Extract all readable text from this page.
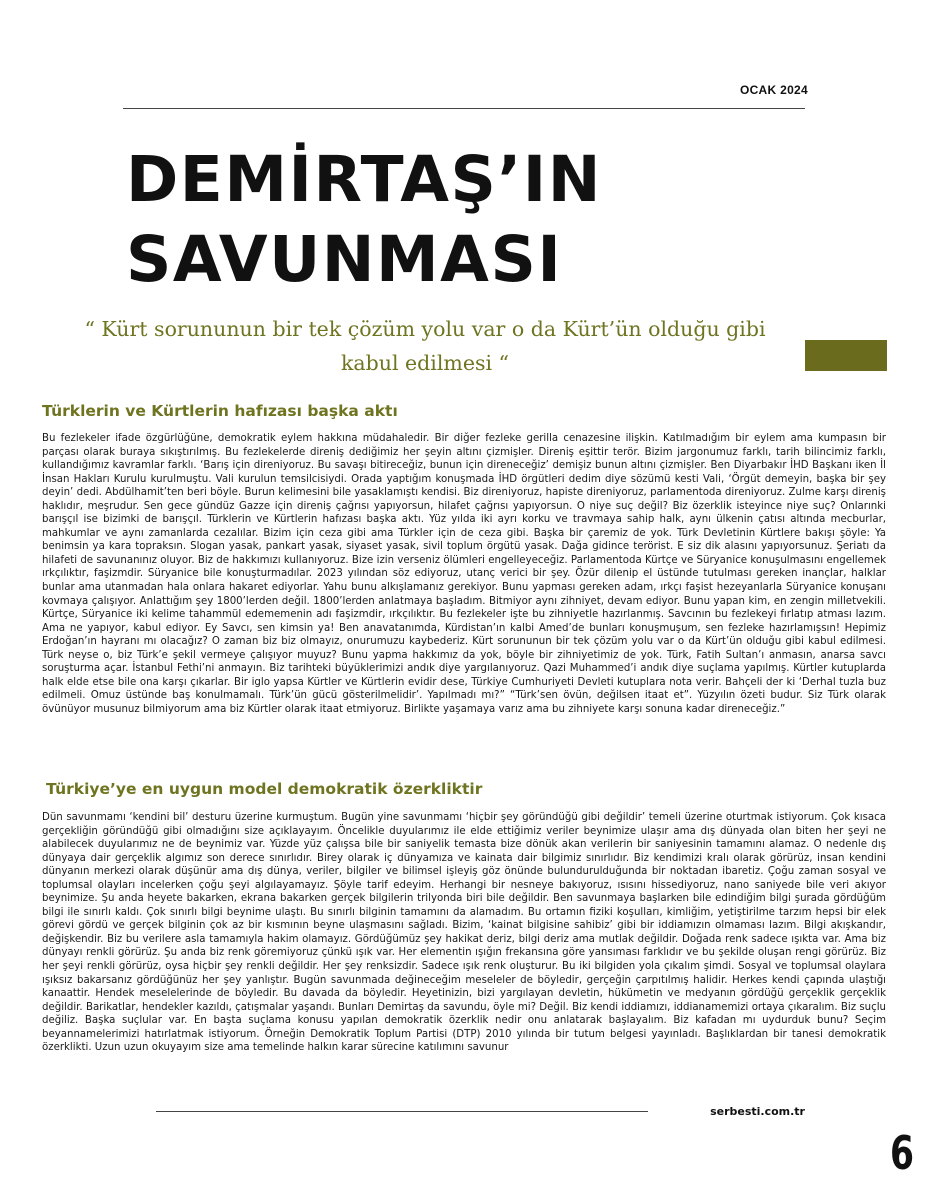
OCAK 2024
DEMİRTAŞ’IN SAVUNMASI
“ Kürt sorununun bir tek çözüm yolu var o da Kürt’ün olduğu gibi kabul edilmesi “
Türklerin ve Kürtlerin hafızası başka aktı

Bu fezlekeler ifade özgürlüğüne, demokratik eylem hakkına müdahaledir. Bir diğer fezleke gerilla cenazesine ilişkin. Katılmadığım bir eylem ama kumpasın bir parçası olarak buraya sıkıştırılmış. Bu fezlekelerde direniş dediğimiz her şeyin altını çizmişler. Direniş eşittir terör. Bizim jargonumuz farklı, tarih bilincimiz farklı, kullandığımız kavramlar farklı. ‘Barış için direniyoruz. Bu savaşı bitireceğiz, bunun için direneceğiz’ demişiz bunun altını çizmişler. Ben Diyarbakır İHD Başkanı iken İl İnsan Hakları Kurulu kurulmuştu. Vali kurulun temsilcisiydi. Orada yaptığım konuşmada İHD örgütleri dedim diye sözümü kesti Vali, ‘Örgüt demeyin, başka bir şey deyin’ dedi. Abdülhamit’ten beri böyle. Burun kelimesini bile yasaklamıştı kendisi. Biz direniyoruz, hapiste direniyoruz, parlamentoda direniyoruz. Zulme karşı direniş haklıdır, meşrudur. Sen gece gündüz Gazze için direniş çağrısı yapıyorsun, hilafet çağrısı yapıyorsun. O niye suç değil? Biz özerklik isteyince niye suç? Onlarınki barışçıl ise bizimki de barışçıl. Türklerin ve Kürtlerin hafızası başka aktı. Yüz yılda iki ayrı korku ve travmaya sahip halk, aynı ülkenin çatısı altında mecburlar, mahkumlar ve aynı zamanlarda cezalılar. Bizim için ceza gibi ama Türkler için de ceza gibi. Başka bir çaremiz de yok. Türk Devletinin Kürtlere bakışı şöyle: Ya benimsin ya kara topraksın. Slogan yasak, pankart yasak, siyaset yasak, sivil toplum örgütü yasak. Dağa gidince terörist. E siz dik alasını yapıyorsunuz. Şeriatı da hilafeti de savunanınız oluyor. Biz de hakkımızı kullanıyoruz. Bize izin verseniz ölümleri engelleyeceğiz. Parlamentoda Kürtçe ve Süryanice konuşulmasını engellemek ırkçılıktır, faşizmdir. Süryanice bile konuşturmadılar. 2023 yılından söz ediyoruz, utanç verici bir şey. Özür dilenip el üstünde tutulması gereken inançlar, halklar bunlar ama utanmadan hala onlara hakaret ediyorlar. Yahu bunu alkışlamanız gerekiyor. Bunu yapması gereken adam, ırkçı faşist hezeyanlarla Süryanice konuşanı kovmaya çalışıyor. Anlattığım şey 1800’lerden değil. 1800’lerden anlatmaya başladım. Bitmiyor aynı zihniyet, devam ediyor. Bunu yapan kim, en zengin milletvekili. Kürtçe, Süryanice iki kelime tahammül edememenin adı faşizmdir, ırkçılıktır. Bu fezlekeler işte bu zihniyetle hazırlanmış. Savcının bu fezlekeyi fırlatıp atması lazım. Ama ne yapıyor, kabul ediyor. Ey Savcı, sen kimsin ya! Ben anavatanımda, Kürdistan’ın kalbi Amed’de bunları konuşmuşum, sen fezleke hazırlamışsın! Hepimiz Erdoğan’ın hayranı mı olacağız? O zaman biz biz olmayız, onurumuzu kaybederiz. Kürt sorununun bir tek çözüm yolu var o da Kürt’ün olduğu gibi kabul edilmesi. Türk neyse o, biz Türk’e şekil vermeye çalışıyor muyuz? Bunu yapma hakkımız da yok, böyle bir zihniyetimiz de yok. Türk, Fatih Sultan’ı anmasın, anarsa savcı soruşturma açar. İstanbul Fethi’ni anmayın. Biz tarihteki büyüklerimizi andık diye yargılanıyoruz. Qazi Muhammed’i andık diye suçlama yapılmış. Kürtler kutuplarda halk elde etse bile ona karşı çıkarlar. Bir iglo yapsa Kürtler ve Kürtlerin evidir dese, Türkiye Cumhuriyeti Devleti kutuplara nota verir. Bahçeli der ki ‘Derhal tuzla buz edilmeli. Omuz üstünde baş konulmamalı. Türk’ün gücü gösterilmelidir’. Yapılmadı mı?” “Türk’sen övün, değilsen itaat et”. Yüzyılın özeti budur. Siz Türk olarak övünüyor musunuz bilmiyorum ama biz Kürtler olarak itaat etmiyoruz. Birlikte yaşamaya varız ama bu zihniyete karşı sonuna kadar direneceğiz.”

Türkiye’ye en uygun model demokratik özerkliktir

Dün savunmamı ‘kendini bil’ desturu üzerine kurmuştum. Bugün yine savunmamı ‘hiçbir şey göründüğü gibi değildir’ temeli üzerine oturtmak istiyorum. Çok kısaca gerçekliğin göründüğü gibi olmadığını size açıklayayım. Öncelikle duyularımız ile elde ettiğimiz veriler beynimize ulaşır ama dış dünyada olan biten her şeyi ne alabilecek duyularımız ne de beynimiz var. Yüzde yüz çalışsa bile bir saniyelik temasta bize dönük akan verilerin bir saniyesinin tamamını alamaz. O nedenle dış dünyaya dair gerçeklik algımız son derece sınırlıdır. Birey olarak iç dünyamıza ve kainata dair bilgimiz sınırlıdır. Biz kendimizi kralı olarak görürüz, insan kendini dünyanın merkezi olarak düşünür ama dış dünya, veriler, bilgiler ve bilimsel işleyiş göz önünde bulundurulduğunda bir noktadan ibaretiz. Çoğu zaman sosyal ve toplumsal olayları incelerken çoğu şeyi algılayamayız. Şöyle tarif edeyim. Herhangi bir nesneye bakıyoruz, ısısını hissediyoruz, nano saniyede bile veri akıyor beynimize. Şu anda heyete bakarken, ekrana bakarken gerçek bilgilerin trilyonda biri bile değildir. Ben savunmaya başlarken bile edindiğim bilgi şurada gördüğüm bilgi ile sınırlı kaldı. Çok sınırlı bilgi beynime ulaştı. Bu sınırlı bilginin tamamını da alamadım. Bu ortamın fiziki koşulları, kimliğim, yetiştirilme tarzım hepsi bir elek görevi gördü ve gerçek bilginin çok az bir kısmının beyne ulaşmasını sağladı. Bizim, ‘kainat bilgisine sahibiz’ gibi bir iddiamızın olmaması lazım. Bilgi akışkandır, değişkendir. Biz bu verilere asla tamamıyla hakim olamayız. Gördüğümüz şey hakikat deriz, bilgi deriz ama mutlak değildir. Doğada renk sadece ışıkta var. Ama biz dünyayı renkli görürüz. Şu anda biz renk göremiyoruz çünkü ışık var. Her elementin ışığın frekansına göre yansıması farklıdır ve bu şekilde oluşan rengi görürüz. Biz her şeyi renkli görürüz, oysa hiçbir şey renkli değildir. Her şey renksizdir. Sadece ışık renk oluşturur. Bu iki bilgiden yola çıkalım şimdi. Sosyal ve toplumsal olaylara ışıksız bakarsanız gördüğünüz her şey yanlıştır. Bugün savunmada değineceğim meseleler de böyledir, gerçeğin çarpıtılmış halidir. Herkes kendi çapında ulaştığı kanaattir. Hendek meselelerinde de böyledir. Bu davada da böyledir. Heyetinizin, bizi yargılayan devletin, hükümetin ve medyanın gördüğü gerçeklik gerçeklik değildir. Barikatlar, hendekler kazıldı, çatışmalar yaşandı. Bunları Demirtaş da savundu, öyle mi? Değil. Biz kendi iddiamızı, iddianamemizi ortaya çıkaralım. Biz suçlu değiliz. Başka suçlular var. En başta suçlama konusu yapılan demokratik özerklik nedir onu anlatarak başlayalım. Biz kafadan mı uydurduk bunu? Seçim beyannamelerimizi hatırlatmak istiyorum. Örneğin Demokratik Toplum Partisi (DTP) 2010 yılında bir tutum belgesi yayınladı. Başlıklardan bir tanesi demokratik özerklikti. Uzun uzun okuyayım size ama temelinde halkın karar sürecine katılımını savunur

serbesti.com.tr
6
